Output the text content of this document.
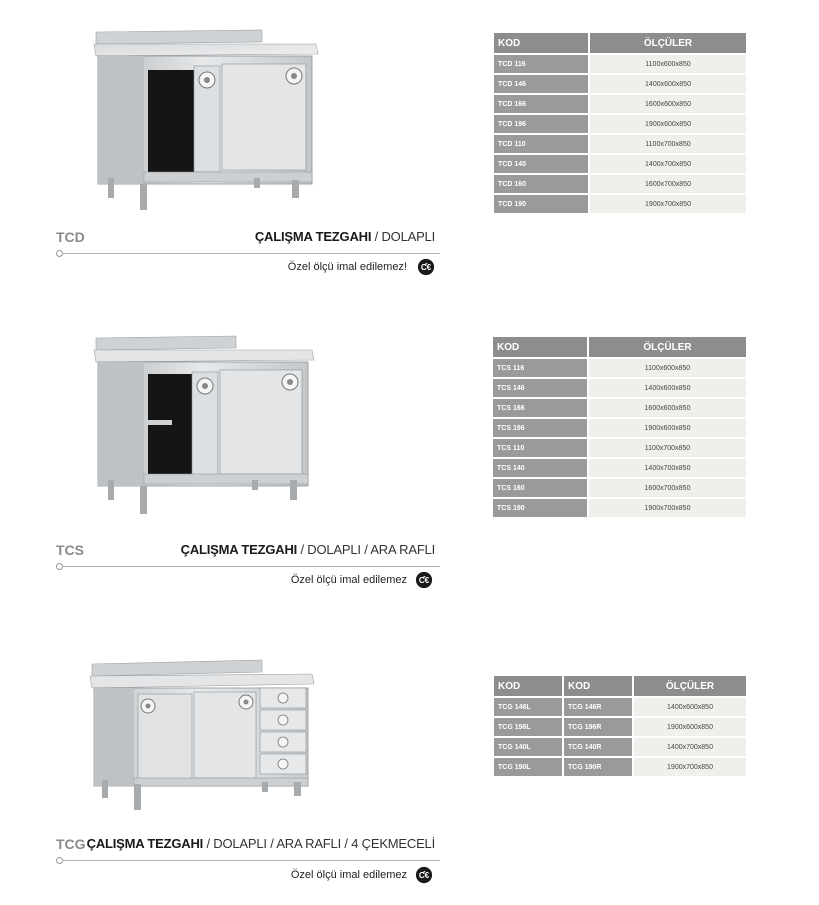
TCD	ÇALIŞMA TEZGAHI / DOLAPLI
Özel ölçü imal edilemez! Ƈ€
KOD	ÖLÇÜLER
TCD 116	1100x600x850
TCD 146	1400x600x850
TCD 166	1600x600x850
TCD 196	1900x600x850
TCD 110	1100x700x850
TCD 140	1400x700x850
TCD 160	1600x700x850
TCD 190	1900x700x850
TCS	ÇALIŞMA TEZGAHI / DOLAPLI / ARA RAFLI
Özel ölçü imal edilemez Ƈ€
KOD	ÖLÇÜLER
TCS 116	1100x600x850
TCS 146	1400x600x850
TCS 166	1600x600x850
TCS 196	1900x600x850
TCS 110	1100x700x850
TCS 140	1400x700x850
TCS 160	1600x700x850
TCS 190	1900x700x850
TCG ÇALIŞMA TEZGAHI / DOLAPLI / ARA RAFLI / 4 ÇEKMECELİ
Özel ölçü imal edilemez Ƈ€
KOD	KOD	ÖLÇÜLER
TCG 146L	TCG 146R	1400x600x850
TCG 196L	TCG 196R	1900x600x850
TCG 140L	TCG 140R	1400x700x850
TCG 190L	TCG 190R	1900x700x850
